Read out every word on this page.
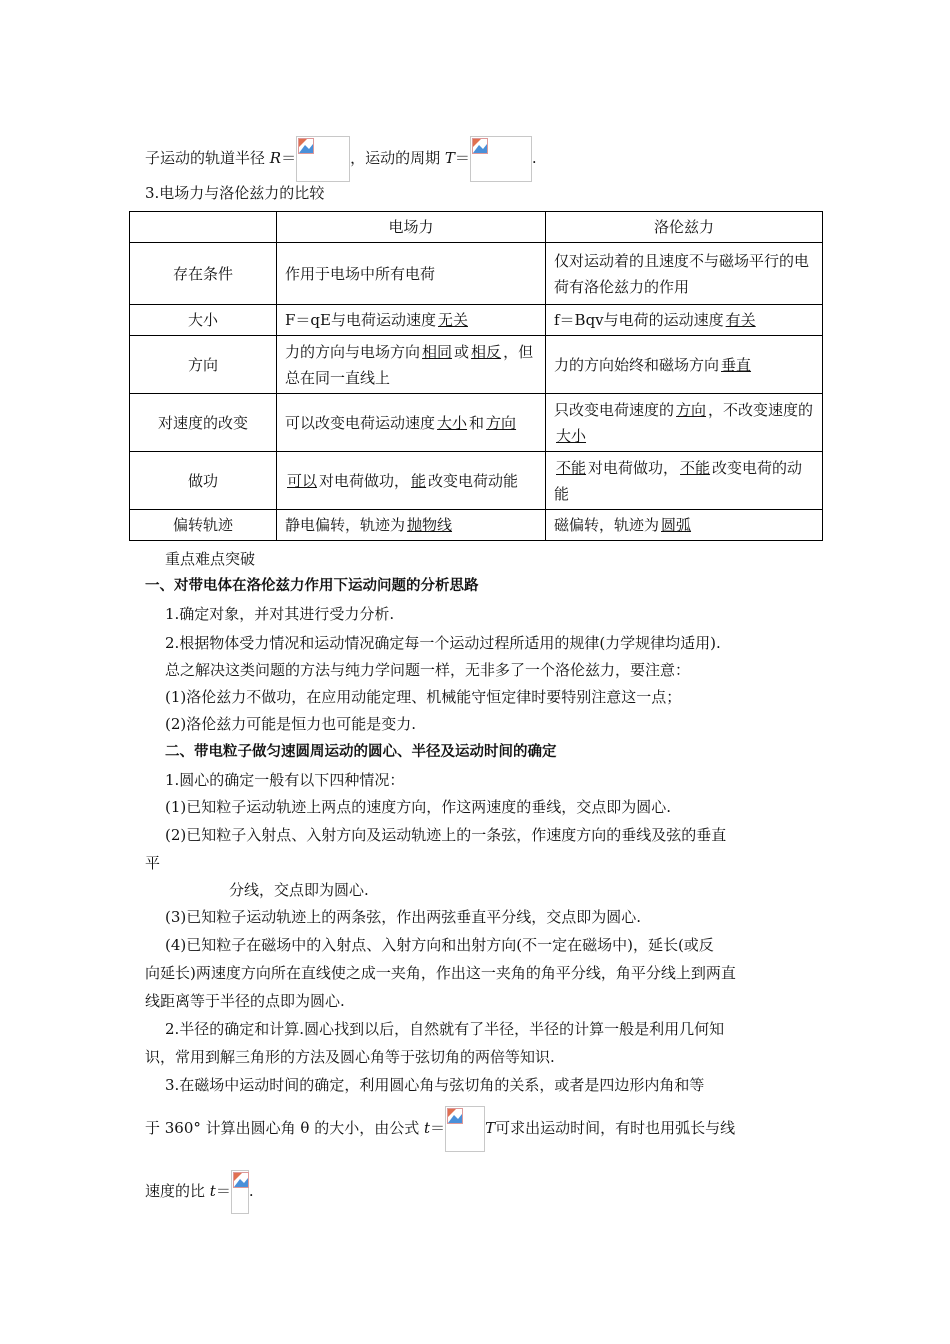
子运动的轨道半径 R＝	，运动的周期 T＝	.
3.电场力与洛伦兹力的比较
	电场力	洛伦兹力
存在条件	作用于电场中所有电荷	仅对运动着的且速度不与磁场平行的电荷有洛伦兹力的作用
大小	F＝qE与电荷运动速度 无关	f＝Bqv与电荷的运动速度 有关
方向	力的方向与电场方向 相同 或 相反 ，但总在同一直线上	力的方向始终和磁场方向 垂直
对速度的改变	可以改变电荷运动速度 大小 和 方向	只改变电荷速度的 方向 ，不改变速度的大小
做功	可以 对电荷做功， 能 改变电荷动能	不能 对电荷做功， 不能 改变电荷的动能
偏转轨迹	静电偏转，轨迹为 抛物线	磁偏转，轨迹为 圆弧
重点难点突破
一、对带电体在洛伦兹力作用下运动问题的分析思路
1.确定对象，并对其进行受力分析.
2.根据物体受力情况和运动情况确定每一个运动过程所适用的规律(力学规律均适用).
总之解决这类问题的方法与纯力学问题一样，无非多了一个洛伦兹力，要注意：
(1)洛伦兹力不做功，在应用动能定理、机械能守恒定律时要特别注意这一点；
(2)洛伦兹力可能是恒力也可能是变力.
二、带电粒子做匀速圆周运动的圆心、半径及运动时间的确定
1.圆心的确定一般有以下四种情况：
(1)已知粒子运动轨迹上两点的速度方向，作这两速度的垂线，交点即为圆心.
(2)已知粒子入射点、入射方向及运动轨迹上的一条弦，作速度方向的垂线及弦的垂直
平
分线，交点即为圆心.
(3)已知粒子运动轨迹上的两条弦，作出两弦垂直平分线，交点即为圆心.
(4)已知粒子在磁场中的入射点、入射方向和出射方向(不一定在磁场中)，延长(或反
向延长)两速度方向所在直线使之成一夹角，作出这一夹角的角平分线，角平分线上到两直
线距离等于半径的点即为圆心.
2.半径的确定和计算.圆心找到以后，自然就有了半径，半径的计算一般是利用几何知
识，常用到解三角形的方法及圆心角等于弦切角的两倍等知识.
3.在磁场中运动时间的确定，利用圆心角与弦切角的关系，或者是四边形内角和等
于 360° 计算出圆心角 θ 的大小，由公式 t＝	T可求出运动时间，有时也用弧长与线
速度的比 t＝ .
